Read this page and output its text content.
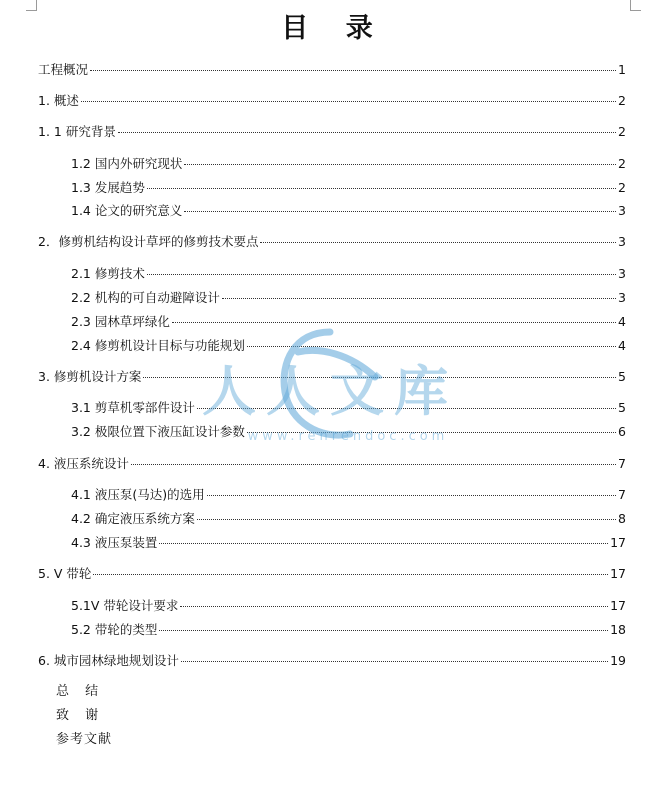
目 录
工程概况	1
1. 概述	2
1. 1 研究背景	2
1.2 国内外研究现状	2
1.3 发展趋势	2
1.4 论文的研究意义	3
2．修剪机结构设计草坪的修剪技术要点	3
2.1 修剪技术	3
2.2 机构的可自动避障设计	3
2.3 园林草坪绿化	4
2.4 修剪机设计目标与功能规划	4
3. 修剪机设计方案	5
3.1 剪草机零部件设计	5
3.2 极限位置下液压缸设计参数	6
4. 液压系统设计	7
4.1 液压泵(马达)的选用	7
4.2 确定液压系统方案	8
4.3 液压泵装置	17
5. V 带轮	17
5.1V 带轮设计要求	17
5.2 带轮的类型	18
6. 城市园林绿地规划设计	19
总 结
致 谢
参考文献
人人文库
www.renrendoc.com
